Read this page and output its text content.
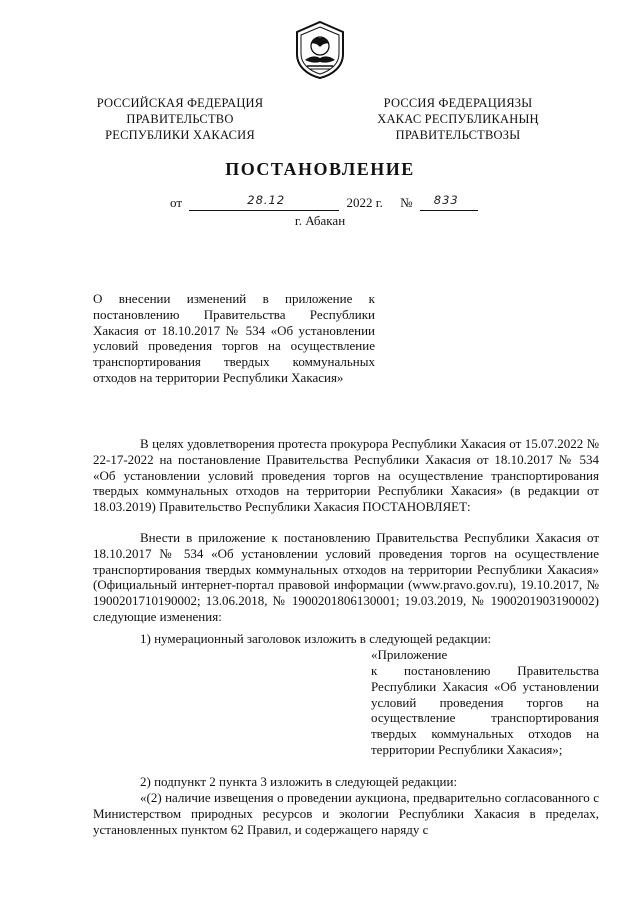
РОССИЙСКАЯ ФЕДЕРАЦИЯ
ПРАВИТЕЛЬСТВО
РЕСПУБЛИКИ ХАКАСИЯ
РОССИЯ ФЕДЕРАЦИЯЗЫ
ХАКАС РЕСПУБЛИКАНЫҢ
ПРАВИТЕЛЬСТВОЗЫ
ПОСТАНОВЛЕНИЕ
от	28.12	2022 г. № 833
г. Абакан
О внесении изменений в приложение к постановлению Правительства Республики Хакасия от 18.10.2017 № 534 «Об установлении условий проведения торгов на осуществление транспортирования твердых коммунальных отходов на территории Республики Хакасия»
В целях удовлетворения протеста прокурора Республики Хакасия от 15.07.2022 № 22-17-2022 на постановление Правительства Республики Хакасия от 18.10.2017 № 534 «Об установлении условий проведения торгов на осуществление транспортирования твердых коммунальных отходов на территории Республики Хакасия» (в редакции от 18.03.2019) Правительство Республики Хакасия ПОСТАНОВЛЯЕТ:
Внести в приложение к постановлению Правительства Республики Хакасия от 18.10.2017 № 534 «Об установлении условий проведения торгов на осуществление транспортирования твердых коммунальных отходов на территории Республики Хакасия» (Официальный интернет-портал правовой информации (www.pravo.gov.ru), 19.10.2017, № 1900201710190002; 13.06.2018, № 1900201806130001; 19.03.2019, № 1900201903190002) следующие изменения:
1) нумерационный заголовок изложить в следующей редакции:
«Приложение
к постановлению Правительства Республики Хакасия «Об установлении условий проведения торгов на осуществление транспортирования твердых коммунальных отходов на территории Республики Хакасия»;
2) подпункт 2 пункта 3 изложить в следующей редакции:
«(2) наличие извещения о проведении аукциона, предварительно согласованного с Министерством природных ресурсов и экологии Республики Хакасия в пределах, установленных пунктом 62 Правил, и содержащего наряду с
